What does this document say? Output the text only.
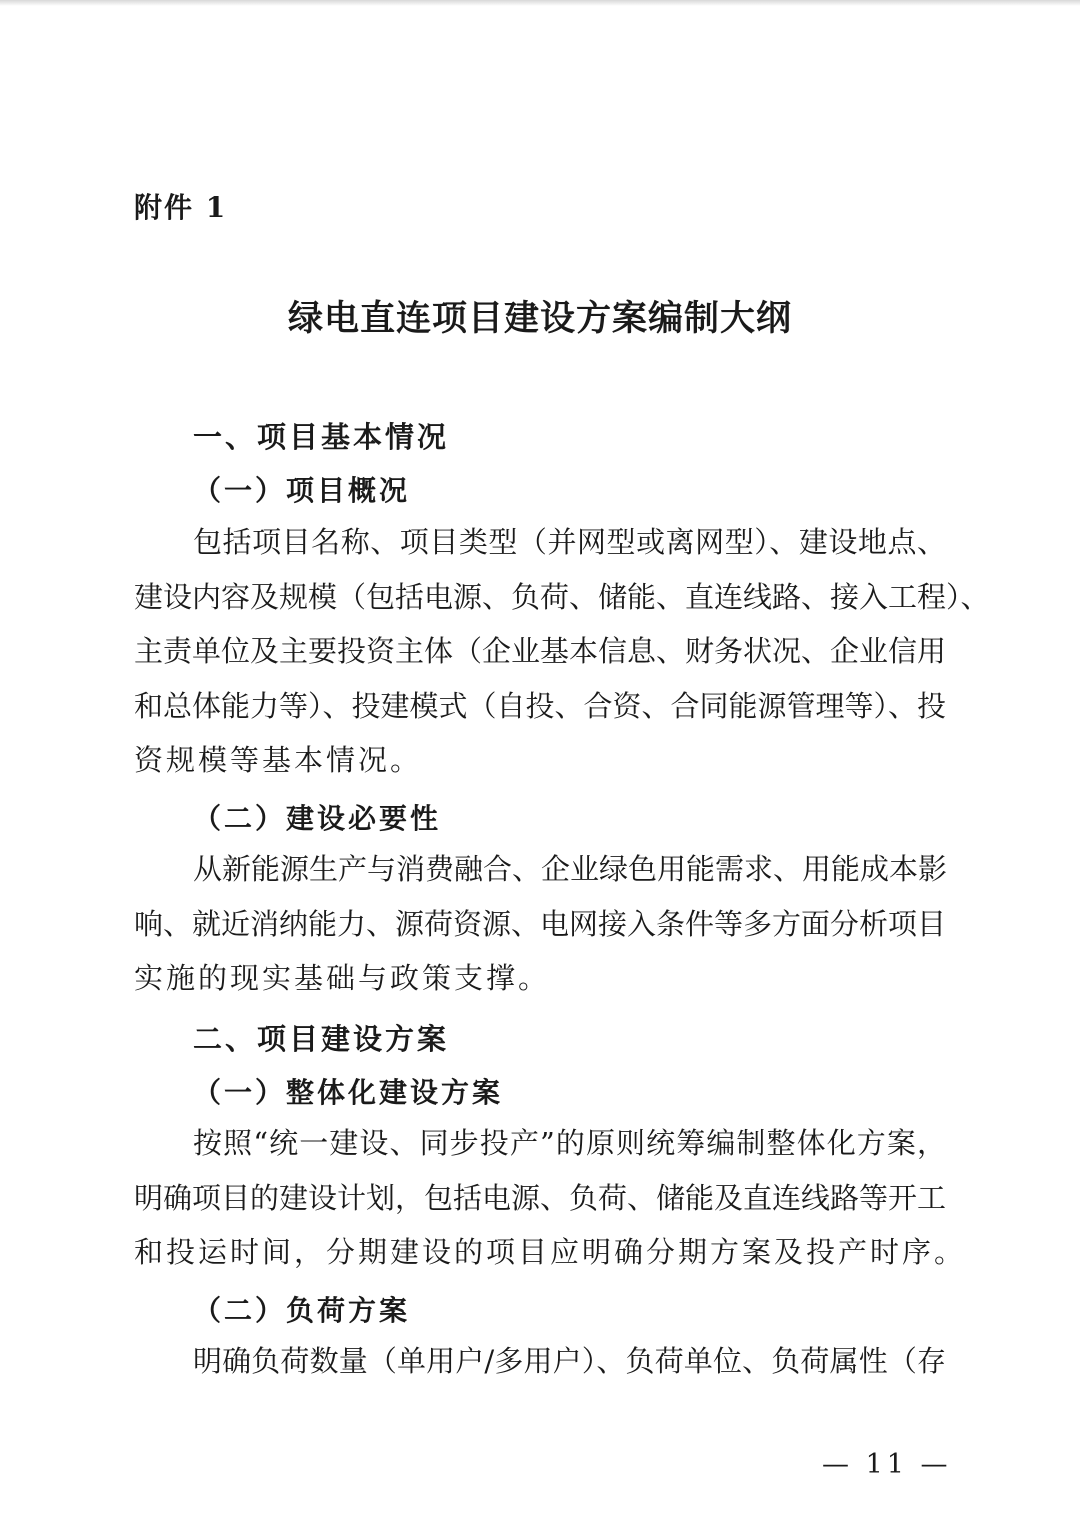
附件 1
绿电直连项目建设方案编制大纲
一、项目基本情况
（一）项目概况
包括项目名称、项目类型（并网型或离网型）、建设地点、
建设内容及规模（包括电源、负荷、储能、直连线路、接入工程）、
主责单位及主要投资主体（企业基本信息、财务状况、企业信用
和总体能力等）、投建模式（自投、合资、合同能源管理等）、投
资规模等基本情况。
（二）建设必要性
从新能源生产与消费融合、企业绿色用能需求、用能成本影
响、就近消纳能力、源荷资源、电网接入条件等多方面分析项目
实施的现实基础与政策支撑。
二、项目建设方案
（一）整体化建设方案
按照“统一建设、同步投产”的原则统筹编制整体化方案，
明确项目的建设计划，包括电源、负荷、储能及直连线路等开工
和投运时间，分期建设的项目应明确分期方案及投产时序。
（二）负荷方案
明确负荷数量（单用户/多用户）、负荷单位、负荷属性（存
— 11 —
